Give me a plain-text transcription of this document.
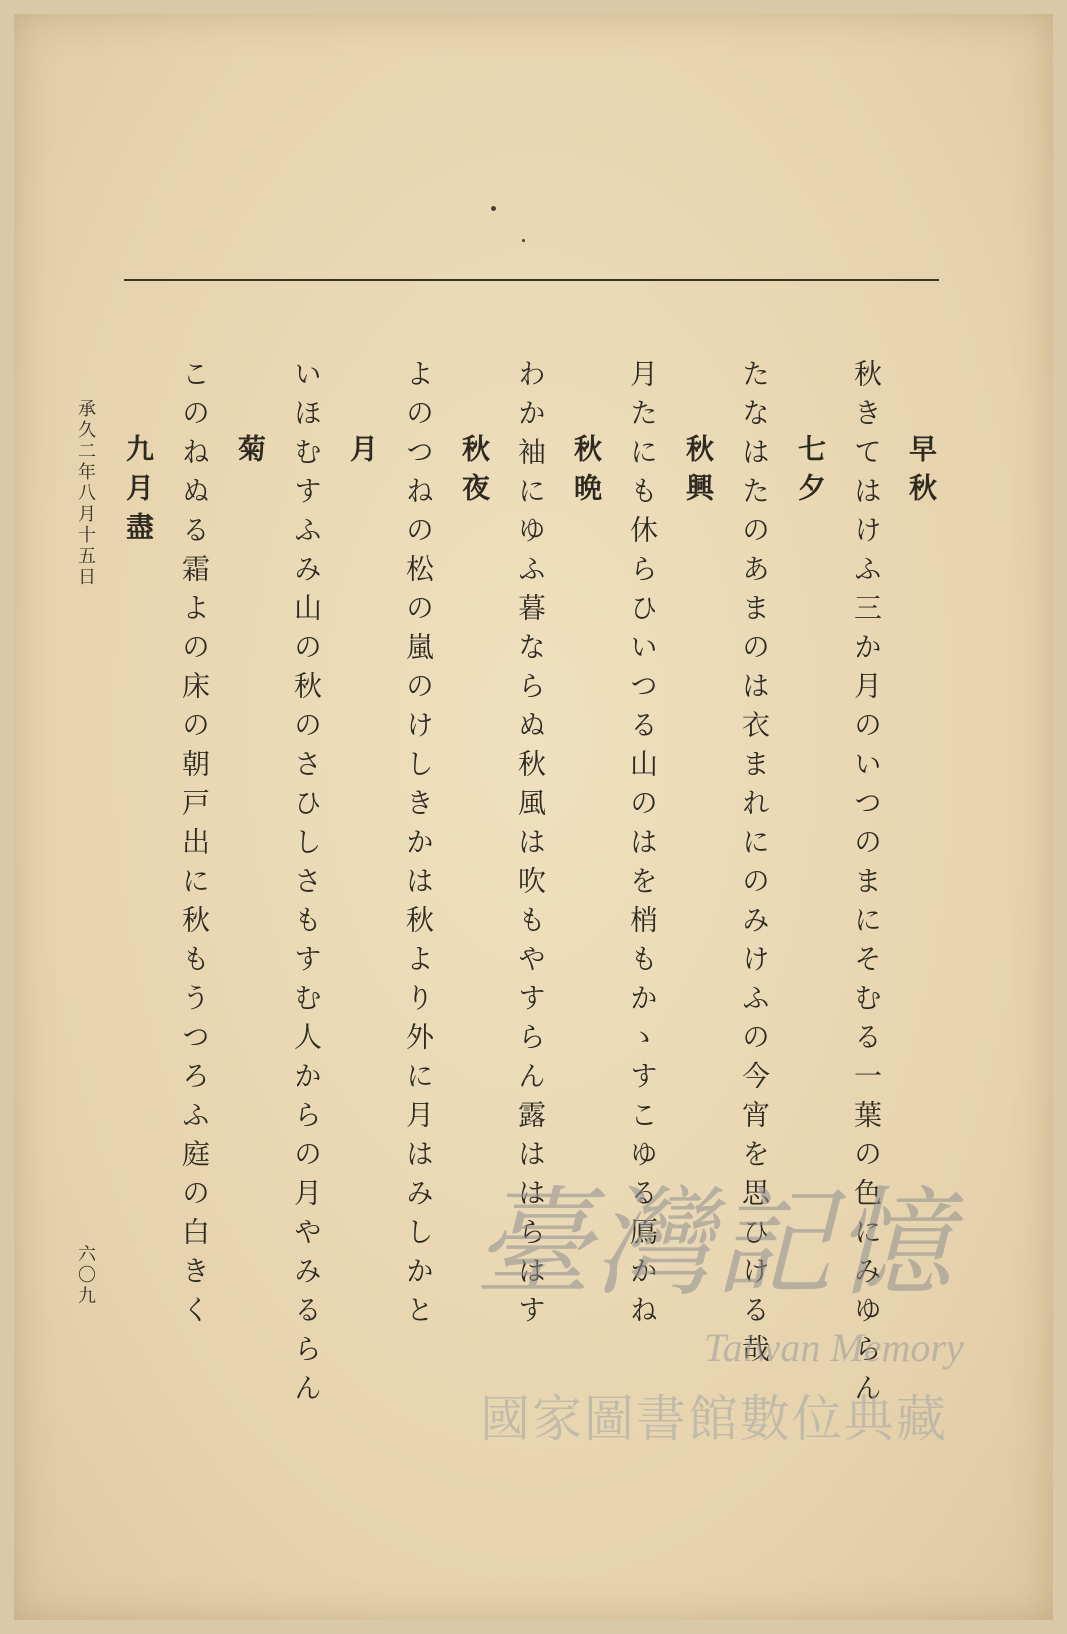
早秋
秋きてはけふ三か月のいつのまにそむる一葉の色にみゆらん
七夕
たなはたのあまのは衣まれにのみけふの今宵を思ひける哉
秋興
月たにも休らひいつる山のはを梢もかゝすこゆる鳫かね
秋晩
わか袖にゆふ暮ならぬ秋風は吹もやすらん露ははらはす
秋夜
よのつねの松の嵐のけしきかは秋より外に月はみしかと
月
いほむすふみ山の秋のさひしさもすむ人からの月やみるらん
菊
このねぬる霜よの床の朝戸出に秋もうつろふ庭の白きく
九月盡
承久二年八月十五日
六〇九	臺灣記憶
Taiwan Memory
國家圖書館數位典藏
